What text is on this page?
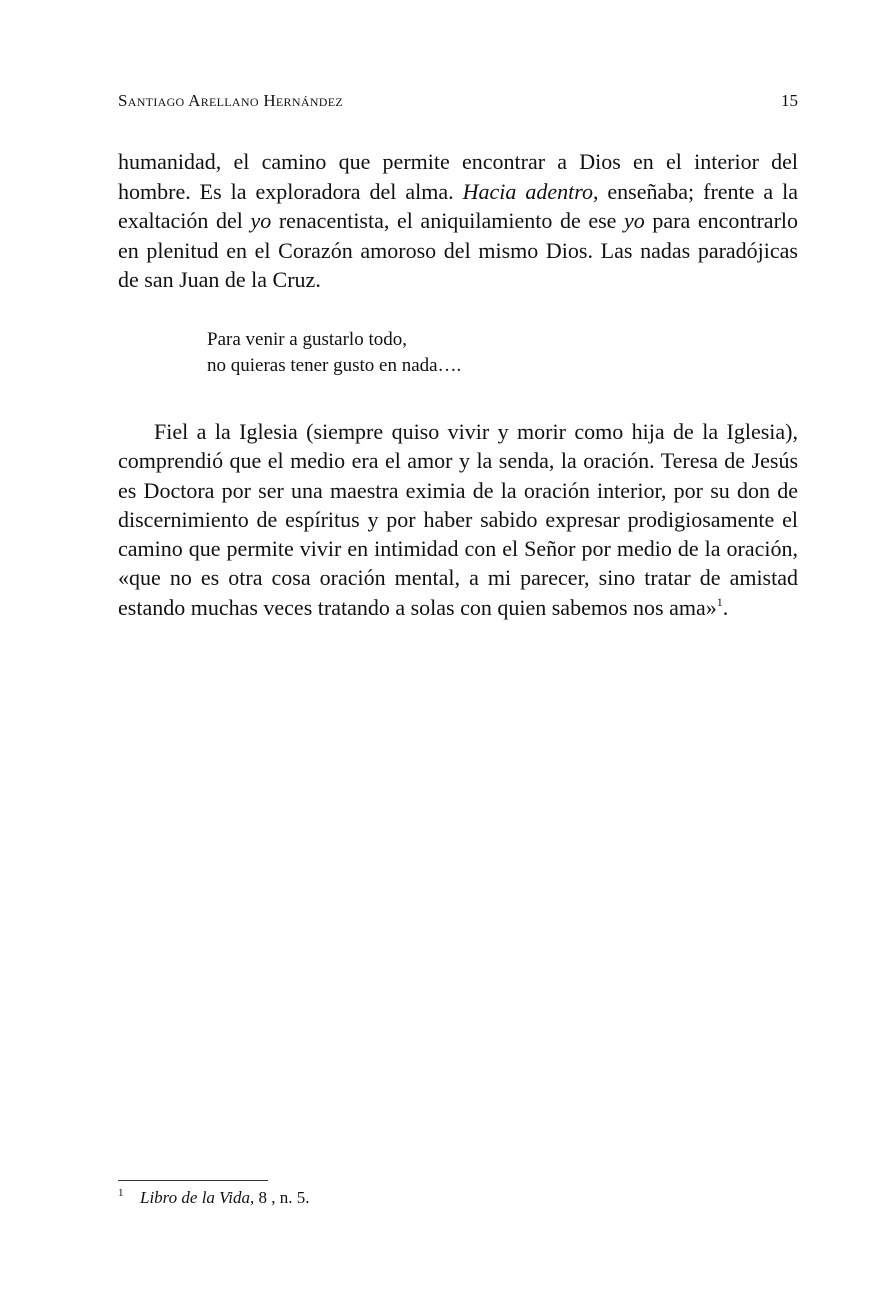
Santiago Arellano Hernández	15

humanidad, el camino que permite encontrar a Dios en el interior del hombre. Es la exploradora del alma. Hacia adentro, enseñaba; frente a la exaltación del yo renacentista, el aniquilamiento de ese yo para encontrarlo en plenitud en el Corazón amoroso del mismo Dios. Las nadas paradójicas de san Juan de la Cruz.

Para venir a gustarlo todo,
no quieras tener gusto en nada….

Fiel a la Iglesia (siempre quiso vivir y morir como hija de la Iglesia), comprendió que el medio era el amor y la senda, la oración. Teresa de Jesús es Doctora por ser una maestra eximia de la oración interior, por su don de discernimiento de espíritus y por haber sabido expresar prodigiosamente el camino que permite vivir en intimidad con el Señor por medio de la oración, «que no es otra cosa oración mental, a mi parecer, sino tratar de amistad estando muchas veces tratando a solas con quien sabemos nos ama»$^1$.

1 Libro de la Vida, 8 , n. 5.
